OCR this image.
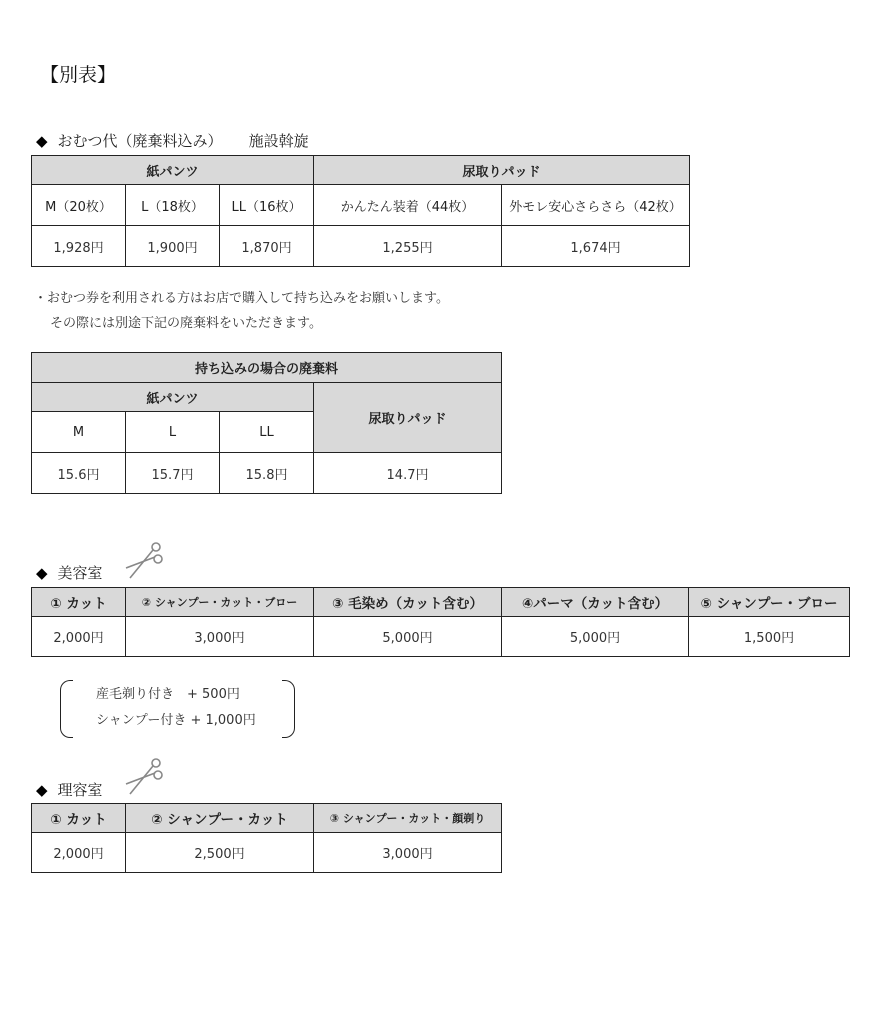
【別表】
◆ おむつ代（廃棄料込み） 施設斡旋
紙パンツ			尿取りパッド	
M（20枚）	L（18枚）	LL（16枚）	かんたん装着（44枚）	外モレ安心さらさら（42枚）
1,928円	1,900円	1,870円	1,255円	1,674円
・おむつ券を利用される方はお店で購入して持ち込みをお願いします。
その際には別途下記の廃棄料をいただきます。
持ち込みの場合の廃棄料			
紙パンツ			尿取りパッド
M	L	LL	
15.6円	15.7円	15.8円	14.7円
◆ 美容室
① カット	② シャンプー・カット・ブロー	③ 毛染め（カット含む）	④パーマ（カット含む）	⑤ シャンプー・ブロー
2,000円	3,000円	5,000円	5,000円	1,500円
産毛剃り付き　+ 500円
シャンプー付き + 1,000円
◆ 理容室
① カット	② シャンプー・カット	③ シャンプー・カット・顔剃り
2,000円	2,500円	3,000円
